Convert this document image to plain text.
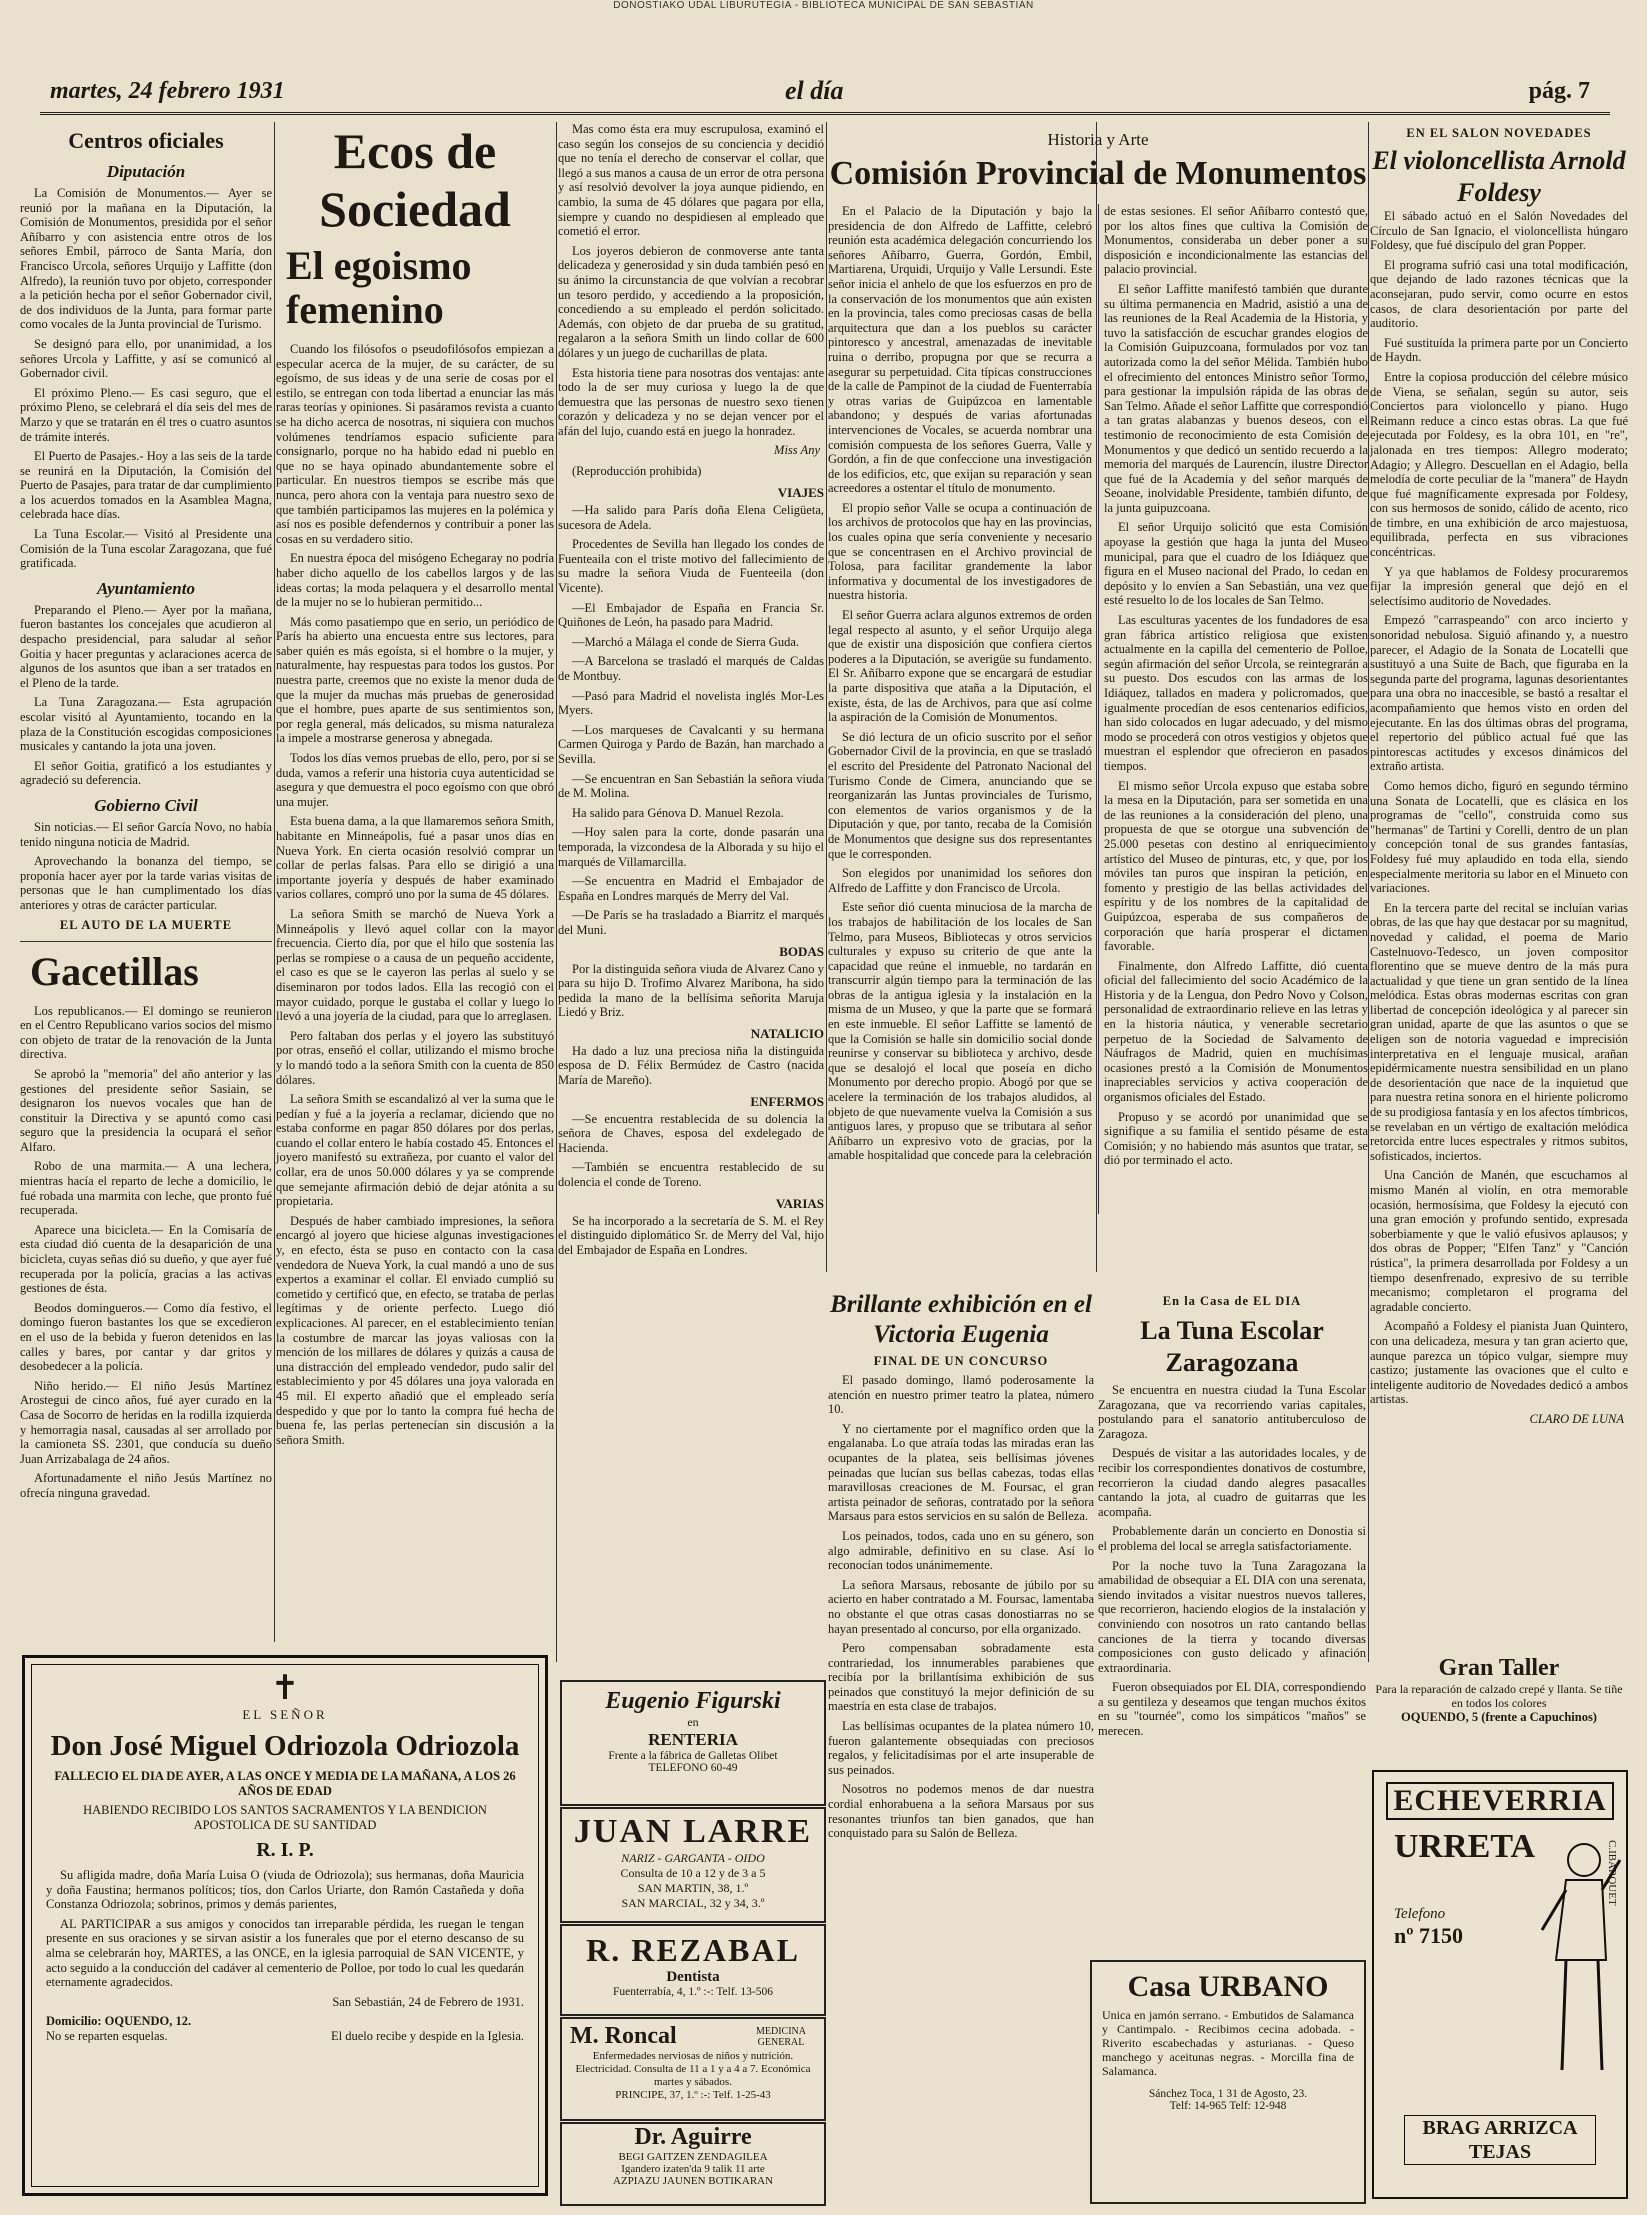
DONOSTIAKO UDAL LIBURUTEGIA - BIBLIOTECA MUNICIPAL DE SAN SEBASTIÁN
martes, 24 febrero 1931	el día	pág. 7
Centros oficiales
Diputación

La Comisión de Monumentos.— Ayer se reunió por la mañana en la Diputación, la Comisión de Monumentos, presidida por el señor Añíbarro y con asistencia entre otros de los señores Embil, párroco de Santa María, don Francisco Urcola, señores Urquijo y Laffitte (don Alfredo), la reunión tuvo por objeto, corresponder a la petición hecha por el señor Gobernador civil, de dos individuos de la Junta, para formar parte como vocales de la Junta provincial de Turismo.

Se designó para ello, por unanimidad, a los señores Urcola y Laffitte, y así se comunicó al Gobernador civil.

El próximo Pleno.— Es casi seguro, que el próximo Pleno, se celebrará el día seis del mes de Marzo y que se tratarán en él tres o cuatro asuntos de trámite interés.

El Puerto de Pasajes.- Hoy a las seis de la tarde se reunirá en la Diputación, la Comisión del Puerto de Pasajes, para tratar de dar cumplimiento a los acuerdos tomados en la Asamblea Magna, celebrada hace días.

La Tuna Escolar.— Visitó al Presidente una Comisión de la Tuna escolar Zaragozana, que fué gratificada.

Ayuntamiento

Preparando el Pleno.— Ayer por la mañana, fueron bastantes los concejales que acudieron al despacho presidencial, para saludar al señor Goitia y hacer preguntas y aclaraciones acerca de algunos de los asuntos que iban a ser tratados en el Pleno de la tarde.

La Tuna Zaragozana.— Esta agrupación escolar visitó al Ayuntamiento, tocando en la plaza de la Constitución escogidas composiciones musicales y cantando la jota una joven.

El señor Goitia, gratificó a los estudiantes y agradeció su deferencia.

Gobierno Civil

Sin noticias.— El señor García Novo, no había tenido ninguna noticia de Madrid.

Aprovechando la bonanza del tiempo, se proponía hacer ayer por la tarde varias visitas de personas que le han cumplimentado los días anteriores y otras de carácter particular.

EL AUTO DE LA MUERTE
Gacetillas

Los republicanos.— El domingo se reunieron en el Centro Republicano varios socios del mismo con objeto de tratar de la renovación de la Junta directiva.

Se aprobó la "memoria" del año anterior y las gestiones del presidente señor Sasiain, se designaron los nuevos vocales que han de constituir la Directiva y se apuntó como casi seguro que la presidencia la ocupará el señor Alfaro.

Robo de una marmita.— A una lechera, mientras hacía el reparto de leche a domicilio, le fué robada una marmita con leche, que pronto fué recuperada.

Aparece una bicicleta.— En la Comisaría de esta ciudad dió cuenta de la desaparición de una bicicleta, cuyas señas dió su dueño, y que ayer fué recuperada por la policía, gracias a las activas gestiones de ésta.

Beodos domingueros.— Como día festivo, el domingo fueron bastantes los que se excedieron en el uso de la bebida y fueron detenidos en las calles y bares, por cantar y dar gritos y desobedecer a la policía.

Niño herido.— El niño Jesús Martínez Arostegui de cinco años, fué ayer curado en la Casa de Socorro de heridas en la rodilla izquierda y hemorragia nasal, causadas al ser arrollado por la camioneta SS. 2301, que conducía su dueño Juan Arrizabalaga de 24 años.

Afortunadamente el niño Jesús Martínez no ofrecía ninguna gravedad.

Ecos de Sociedad
El egoismo femenino

Cuando los filósofos o pseudofilósofos empiezan a especular acerca de la mujer, de su carácter, de su egoísmo, de sus ideas y de una serie de cosas por el estilo, se entregan con toda libertad a enunciar las más raras teorías y opiniones. Si pasáramos revista a cuanto se ha dicho acerca de nosotras, ni siquiera con muchos volúmenes tendríamos espacio suficiente para consignarlo, porque no ha habido edad ni pueblo en que no se haya opinado abundantemente sobre el particular. En nuestros tiempos se escribe más que nunca, pero ahora con la ventaja para nuestro sexo de que también participamos las mujeres en la polémica y así nos es posible defendernos y contribuir a poner las cosas en su verdadero sitio.

En nuestra época del misógeno Echegaray no podría haber dicho aquello de los cabellos largos y de las ideas cortas; la moda pelaquera y el desarrollo mental de la mujer no se lo hubieran permitido...

Más como pasatiempo que en serio, un periódico de París ha abierto una encuesta entre sus lectores, para saber quién es más egoísta, si el hombre o la mujer, y naturalmente, hay respuestas para todos los gustos. Por nuestra parte, creemos que no existe la menor duda de que la mujer da muchas más pruebas de generosidad que el hombre, pues aparte de sus sentimientos son, por regla general, más delicados, su misma naturaleza la impele a mostrarse generosa y abnegada.

Todos los días vemos pruebas de ello, pero, por si se duda, vamos a referir una historia cuya autenticidad se asegura y que demuestra el poco egoísmo con que obró una mujer.

Esta buena dama, a la que llamaremos señora Smith, habitante en Minneápolis, fué a pasar unos días en Nueva York. En cierta ocasión resolvió comprar un collar de perlas falsas. Para ello se dirigió a una importante joyería y después de haber examinado varios collares, compró uno por la suma de 45 dólares.

La señora Smith se marchó de Nueva York a Minneápolis y llevó aquel collar con la mayor frecuencia. Cierto día, por que el hilo que sostenía las perlas se rompiese o a causa de un pequeño accidente, el caso es que se le cayeron las perlas al suelo y se diseminaron por todos lados. Ella las recogió con el mayor cuidado, porque le gustaba el collar y luego lo llevó a una joyería de la ciudad, para que lo arreglasen.

Pero faltaban dos perlas y el joyero las substituyó por otras, enseñó el collar, utilizando el mismo broche y lo mandó todo a la señora Smith con la cuenta de 850 dólares.

La señora Smith se escandalizó al ver la suma que le pedían y fué a la joyería a reclamar, diciendo que no estaba conforme en pagar 850 dólares por dos perlas, cuando el collar entero le había costado 45. Entonces el joyero manifestó su extrañeza, por cuanto el valor del collar, era de unos 50.000 dólares y ya se comprende que semejante afirmación debió de dejar atónita a su propietaria.

Después de haber cambiado impresiones, la señora encargó al joyero que hiciese algunas investigaciones y, en efecto, ésta se puso en contacto con la casa vendedora de Nueva York, la cual mandó a uno de sus expertos a examinar el collar. El enviado cumplió su cometido y certificó que, en efecto, se trataba de perlas legítimas y de oriente perfecto. Luego dió explicaciones. Al parecer, en el establecimiento tenían la costumbre de marcar las joyas valiosas con la mención de los millares de dólares y quizás a causa de una distracción del empleado vendedor, pudo salir del establecimiento y por 45 dólares una joya valorada en 45 mil. El experto añadió que el empleado sería despedido y que por lo tanto la compra fué hecha de buena fe, las perlas pertenecían sin discusión a la señora Smith.

Mas como ésta era muy escrupulosa, examinó el caso según los consejos de su conciencia y decidió que no tenía el derecho de conservar el collar, que llegó a sus manos a causa de un error de otra persona y así resolvió devolver la joya aunque pidiendo, en cambio, la suma de 45 dólares que pagara por ella, siempre y cuando no despidiesen al empleado que cometió el error.

Los joyeros debieron de conmoverse ante tanta delicadeza y generosidad y sin duda también pesó en su ánimo la circunstancia de que volvían a recobrar un tesoro perdido, y accediendo a la proposición, concediendo a su empleado el perdón solicitado. Además, con objeto de dar prueba de su gratitud, regalaron a la señora Smith un lindo collar de 600 dólares y un juego de cucharillas de plata.

Esta historia tiene para nosotras dos ventajas: ante todo la de ser muy curiosa y luego la de que demuestra que las personas de nuestro sexo tienen corazón y delicadeza y no se dejan vencer por el afán del lujo, cuando está en juego la honradez.

Miss Any

(Reproducción prohibida)

VIAJES

—Ha salido para París doña Elena Celigüeta, sucesora de Adela.

Procedentes de Sevilla han llegado los condes de Fuenteaila con el triste motivo del fallecimiento de su madre la señora Viuda de Fuenteeila (don Vicente).

—El Embajador de España en Francia Sr. Quiñones de León, ha pasado para Madrid.

—Marchó a Málaga el conde de Sierra Guda.

—A Barcelona se trasladó el marqués de Caldas de Montbuy.

—Pasó para Madrid el novelista inglés Mor-Les Myers.

—Los marqueses de Cavalcanti y su hermana Carmen Quiroga y Pardo de Bazán, han marchado a Sevilla.

—Se encuentran en San Sebastián la señora viuda de M. Molina.

Ha salido para Génova D. Manuel Rezola.

—Hoy salen para la corte, donde pasarán una temporada, la vizcondesa de la Alborada y su hijo el marqués de Villamarcilla.

—Se encuentra en Madrid el Embajador de España en Londres marqués de Merry del Val.

—De París se ha trasladado a Biarritz el marqués del Muni.

BODAS

Por la distinguida señora viuda de Alvarez Cano y para su hijo D. Trofimo Alvarez Maribona, ha sido pedida la mano de la bellísima señorita Maruja Liedó y Briz.

NATALICIO

Ha dado a luz una preciosa niña la distinguida esposa de D. Félix Bermúdez de Castro (nacida María de Mareño).

ENFERMOS

—Se encuentra restablecida de su dolencia la señora de Chaves, esposa del exdelegado de Hacienda.

—También se encuentra restablecido de su dolencia el conde de Toreno.

VARIAS

Se ha incorporado a la secretaría de S. M. el Rey el distinguido diplomático Sr. de Merry del Val, hijo del Embajador de España en Londres.

Historia y Arte
Comisión Provincial de Monumentos

En el Palacio de la Diputación y bajo la presidencia de don Alfredo de Laffitte, celebró reunión esta académica delegación concurriendo los señores Añíbarro, Guerra, Gordón, Embil, Martiarena, Urquidi, Urquijo y Valle Lersundi. Este señor inicia el anhelo de que los esfuerzos en pro de la conservación de los monumentos que aún existen en la provincia, tales como preciosas casas de bella arquitectura que dan a los pueblos su carácter pintoresco y ancestral, amenazadas de inevitable ruina o derribo, propugna por que se recurra a asegurar su perpetuidad. Cita típicas construcciones de la calle de Pampinot de la ciudad de Fuenterrabía y otras varias de Guipúzcoa en lamentable abandono; y después de varias afortunadas intervenciones de Vocales, se acuerda nombrar una comisión compuesta de los señores Guerra, Valle y Gordón, a fin de que confeccione una investigación de los edificios, etc, que exijan su reparación y sean acreedores a ostentar el título de monumento.

El propio señor Valle se ocupa a continuación de los archivos de protocolos que hay en las provincias, los cuales opina que sería conveniente y necesario que se concentrasen en el Archivo provincial de Tolosa, para facilitar grandemente la labor informativa y documental de los investigadores de nuestra historia.

El señor Guerra aclara algunos extremos de orden legal respecto al asunto, y el señor Urquijo alega que de existir una disposición que confiera ciertos poderes a la Diputación, se averigüe su fundamento. El Sr. Añíbarro expone que se encargará de estudiar la parte dispositiva que ataña a la Diputación, el existe, ésta, de las de Archivos, para que así colme la aspiración de la Comisión de Monumentos.

Se dió lectura de un oficio suscrito por el señor Gobernador Civil de la provincia, en que se trasladó el escrito del Presidente del Patronato Nacional del Turismo Conde de Cimera, anunciando que se reorganizarán las Juntas provinciales de Turismo, con elementos de varios organismos y de la Diputación y que, por tanto, recaba de la Comisión de Monumentos que designe sus dos representantes que le corresponden.

Son elegidos por unanimidad los señores don Alfredo de Laffitte y don Francisco de Urcola.

Este señor dió cuenta minuciosa de la marcha de los trabajos de habilitación de los locales de San Telmo, para Museos, Bibliotecas y otros servicios culturales y expuso su criterio de que ante la capacidad que reúne el inmueble, no tardarán en transcurrir algún tiempo para la terminación de las obras de la antigua iglesia y la instalación en la misma de un Museo, y que la parte que se formará en este inmueble. El señor Laffitte se lamentó de que la Comisión se halle sin domicilio social donde reunirse y conservar su biblioteca y archivo, desde que se desalojó el local que poseía en dicho Monumento por derecho propio. Abogó por que se acelere la terminación de los trabajos aludidos, al objeto de que nuevamente vuelva la Comisión a sus antiguos lares, y propuso que se tributara al señor Añíbarro un expresivo voto de gracias, por la amable hospitalidad que concede para la celebración de estas sesiones. El señor Añíbarro contestó que, por los altos fines que cultiva la Comisión de Monumentos, consideraba un deber poner a su disposición e incondicionalmente las estancias del palacio provincial.

El señor Laffitte manifestó también que durante su última permanencia en Madrid, asistió a una de las reuniones de la Real Academia de la Historia, y tuvo la satisfacción de escuchar grandes elogios de la Comisión Guipuzcoana, formulados por voz tan autorizada como la del señor Mélida. También hubo el ofrecimiento del entonces Ministro señor Tormo, para gestionar la impulsión rápida de las obras de San Telmo. Añade el señor Laffitte que correspondió a tan gratas alabanzas y buenos deseos, con el testimonio de reconocimiento de esta Comisión de Monumentos y que dedicó un sentido recuerdo a la memoria del marqués de Laurencín, ilustre Director que fué de la Academia y del señor marqués de Seoane, inolvidable Presidente, también difunto, de la junta guipuzcoana.

El señor Urquijo solicitó que esta Comisión apoyase la gestión que haga la junta del Museo municipal, para que el cuadro de los Idiáquez que figura en el Museo nacional del Prado, lo cedan en depósito y lo envíen a San Sebastián, una vez que esté resuelto lo de los locales de San Telmo.

Las esculturas yacentes de los fundadores de esa gran fábrica artístico religiosa que existen actualmente en la capilla del cementerio de Polloe, según afirmación del señor Urcola, se reintegrarán a su puesto. Dos escudos con las armas de los Idiáquez, tallados en madera y policromados, que igualmente procedían de esos centenarios edificios, han sido colocados en lugar adecuado, y del mismo modo se procederá con otros vestigios y objetos que muestran el esplendor que ofrecieron en pasados tiempos.

El mismo señor Urcola expuso que estaba sobre la mesa en la Diputación, para ser sometida en una de las reuniones a la consideración del pleno, una propuesta de que se otorgue una subvención de 25.000 pesetas con destino al enriquecimiento artístico del Museo de pinturas, etc, y que, por los móviles tan puros que inspiran la petición, en fomento y prestigio de las bellas actividades del espíritu y de los nombres de la capitalidad de Guipúzcoa, esperaba de sus compañeros de corporación que haría prosperar el dictamen favorable.

Finalmente, don Alfredo Laffitte, dió cuenta oficial del fallecimiento del socio Académico de la Historia y de la Lengua, don Pedro Novo y Colson, personalidad de extraordinario relieve en las letras y en la historia náutica, y venerable secretario perpetuo de la Sociedad de Salvamento de Náufragos de Madrid, quien en muchísimas ocasiones prestó a la Comisión de Monumentos inapreciables servicios y activa cooperación de organismos oficiales del Estado.

Propuso y se acordó por unanimidad que se signifique a su familia el sentido pésame de esta Comisión; y no habiendo más asuntos que tratar, se dió por terminado el acto.

Brillante exhibición en el Victoria Eugenia
FINAL DE UN CONCURSO

El pasado domingo, llamó poderosamente la atención en nuestro primer teatro la platea, número 10.

Y no ciertamente por el magnífico orden que la engalanaba. Lo que atraía todas las miradas eran las ocupantes de la platea, seis bellísimas jóvenes peinadas que lucían sus bellas cabezas, todas ellas maravillosas creaciones de M. Foursac, el gran artista peinador de señoras, contratado por la señora Marsaus para estos servicios en su salón de Belleza.

Los peinados, todos, cada uno en su género, son algo admirable, definitivo en su clase. Así lo reconocían todos unánimemente.

La señora Marsaus, rebosante de júbilo por su acierto en haber contratado a M. Foursac, lamentaba no obstante el que otras casas donostiarras no se hayan presentado al concurso, por ella organizado.

Pero compensaban sobradamente esta contrariedad, los innumerables parabienes que recibía por la brillantísima exhibición de sus peinados que constituyó la mejor definición de su maestría en esta clase de trabajos.

Las bellísimas ocupantes de la platea número 10, fueron galantemente obsequiadas con preciosos regalos, y felicitadísimas por el arte insuperable de sus peinados.

Nosotros no podemos menos de dar nuestra cordial enhorabuena a la señora Marsaus por sus resonantes triunfos tan bien ganados, que han conquistado para su Salón de Belleza.

En la Casa de EL DIA
La Tuna Escolar Zaragozana

Se encuentra en nuestra ciudad la Tuna Escolar Zaragozana, que va recorriendo varias capitales, postulando para el sanatorio antituberculoso de Zaragoza.

Después de visitar a las autoridades locales, y de recibir los correspondientes donativos de costumbre, recorrieron la ciudad dando alegres pasacalles cantando la jota, al cuadro de guitarras que les acompaña.

Probablemente darán un concierto en Donostia si el problema del local se arregla satisfactoriamente.

Por la noche tuvo la Tuna Zaragozana la amabilidad de obsequiar a EL DIA con una serenata, siendo invitados a visitar nuestros nuevos talleres, que recorrieron, haciendo elogios de la instalación y conviniendo con nosotros un rato cantando bellas canciones de la tierra y tocando diversas composiciones con gusto delicado y afinación extraordinaria.

Fueron obsequiados por EL DIA, correspondiendo a su gentileza y deseamos que tengan muchos éxitos en su "tournée", como los simpáticos "maños" se merecen.

EN EL SALON NOVEDADES
El violoncellista Arnold Foldesy

El sábado actuó en el Salón Novedades del Círculo de San Ignacio, el violoncellista húngaro Foldesy, que fué discípulo del gran Popper.

El programa sufrió casi una total modificación, que dejando de lado razones técnicas que la aconsejaran, pudo servir, como ocurre en estos casos, de clara desorientación por parte del auditorio.

Fué sustituída la primera parte por un Concierto de Haydn.

Entre la copiosa producción del célebre músico de Viena, se señalan, según su autor, seis Conciertos para violoncello y piano. Hugo Reimann reduce a cinco estas obras. La que fué ejecutada por Foldesy, es la obra 101, en "re", jalonada en tres tiempos: Allegro moderato; Adagio; y Allegro. Descuellan en el Adagio, bella melodía de corte peculiar de la "manera" de Haydn que fué magníficamente expresada por Foldesy, con sus hermosos de sonido, cálido de acento, rico de timbre, en una exhibición de arco majestuosa, equilibrada, perfecta en sus vibraciones concéntricas.

Y ya que hablamos de Foldesy procuraremos fijar la impresión general que dejó en el selectísimo auditorio de Novedades.

Empezó "carraspeando" con arco incierto y sonoridad nebulosa. Siguió afinando y, a nuestro parecer, el Adagio de la Sonata de Locatelli que sustituyó a una Suite de Bach, que figuraba en la segunda parte del programa, lagunas desorientantes para una obra no inaccesible, se bastó a resaltar el acompañamiento que hemos visto en orden del ejecutante. En las dos últimas obras del programa, el repertorio del público actual fué que las pintorescas actitudes y excesos dinámicos del extraño artista.

Como hemos dicho, figuró en segundo término una Sonata de Locatelli, que es clásica en los programas de "cello", construida como sus "hermanas" de Tartini y Corelli, dentro de un plan y concepción tonal de sus grandes fantasías, Foldesy fué muy aplaudido en toda ella, siendo especialmente meritoria su labor en el Minueto con variaciones.

En la tercera parte del recital se incluían varias obras, de las que hay que destacar por su magnitud, novedad y calidad, el poema de Mario Castelnuovo-Tedesco, un joven compositor florentino que se mueve dentro de la más pura actualidad y que tiene un gran sentido de la línea melódica. Estas obras modernas escritas con gran libertad de concepción ideológica y al parecer sin gran unidad, aparte de que las asuntos o que se eligen son de notoria vaguedad e imprecisión interpretativa en el lenguaje musical, arañan epidérmicamente nuestra sensibilidad en un plano de desorientación que nace de la inquietud que para nuestra retina sonora en el hiriente policromo de su prodigiosa fantasía y en los afectos tímbricos, se revelaban en un vértigo de exaltación melódica retorcida entre luces espectrales y ritmos subitos, sofisticados, inciertos.

Una Canción de Manén, que escuchamos al mismo Manén al violín, en otra memorable ocasión, hermosísima, que Foldesy la ejecutó con una gran emoción y profundo sentido, expresada soberbiamente y que le valió efusivos aplausos; y dos obras de Popper; "Elfen Tanz" y "Canción rústica", la primera desarrollada por Foldesy a un tiempo desenfrenado, expresivo de su terrible mecanismo; completaron el programa del agradable concierto.

Acompañó a Foldesy el pianista Juan Quintero, con una delicadeza, mesura y tan gran acierto que, aunque parezca un tópico vulgar, siempre muy castizo; justamente las ovaciones que el culto e inteligente auditorio de Novedades dedicó a ambos artistas.

CLARO DE LUNA
✝
EL SEÑOR
Don José Miguel Odriozola Odriozola
FALLECIO EL DIA DE AYER, A LAS ONCE Y MEDIA DE LA MAÑANA, A LOS 26 AÑOS DE EDAD
HABIENDO RECIBIDO LOS SANTOS SACRAMENTOS Y LA BENDICION APOSTOLICA DE SU SANTIDAD
R. I. P.

Su afligida madre, doña María Luisa O (viuda de Odriozola); sus hermanas, doña Mauricia y doña Faustina; hermanos políticos; tíos, don Carlos Uriarte, don Ramón Castañeda y doña Constanza Odriozola; sobrinos, primos y demás parientes,

AL PARTICIPAR a sus amigos y conocidos tan irreparable pérdida, les ruegan le tengan presente en sus oraciones y se sirvan asistir a los funerales que por el eterno descanso de su alma se celebrarán hoy, MARTES, a las ONCE, en la iglesia parroquial de SAN VICENTE, y acto seguido a la conducción del cadáver al cementerio de Polloe, por todo lo cual les quedarán eternamente agradecidos.

San Sebastián, 24 de Febrero de 1931.
Domicilio: OQUENDO, 12.
No se reparten esquelas.	El duelo recibe y despide en la Iglesia.
Eugenio Figurski
en
RENTERIA
Frente a la fábrica de Galletas Olibet
TELEFONO 60-49
JUAN LARRE
NARIZ - GARGANTA - OIDO
Consulta de 10 a 12 y de 3 a 5
SAN MARTIN, 38, 1.º
SAN MARCIAL, 32 y 34, 3.º
R. REZABAL
Dentista
Fuenterrabía, 4, 1.º :-: Telf. 13-506
M. Roncal	MEDICINA GENERAL
Enfermedades nerviosas de niños y nutrición. Electricidad. Consulta de 11 a 1 y a 4 a 7. Económica martes y sábados.
PRINCIPE, 37, 1.º :-: Telf. 1-25-43
Dr. Aguirre
BEGI GAITZEN ZENDAGILEA
Igandero izaten'da 9 talik 11 arte
AZPIAZU JAUNEN BOTIKARAN
Casa URBANO
Unica en jamón serrano. - Embutidos de Salamanca y Cantimpalo. - Recibimos cecina adobada. - Riverito escabechadas y asturianas. - Queso manchego y aceitunas negras. - Morcilla fina de Salamanca.
Sánchez Toca, 1 31 de Agosto, 23.
Telf: 14-965 Telf: 12-948
Gran Taller
Para la reparación de calzado crepé y llanta. Se tiñe en todos los colores
OQUENDO, 5 (frente a Capuchinos)
ECHEVERRIA
URRETA
Telefono
nº 7150
C.IBARQUET
BRAG ARRIZCA TEJAS
